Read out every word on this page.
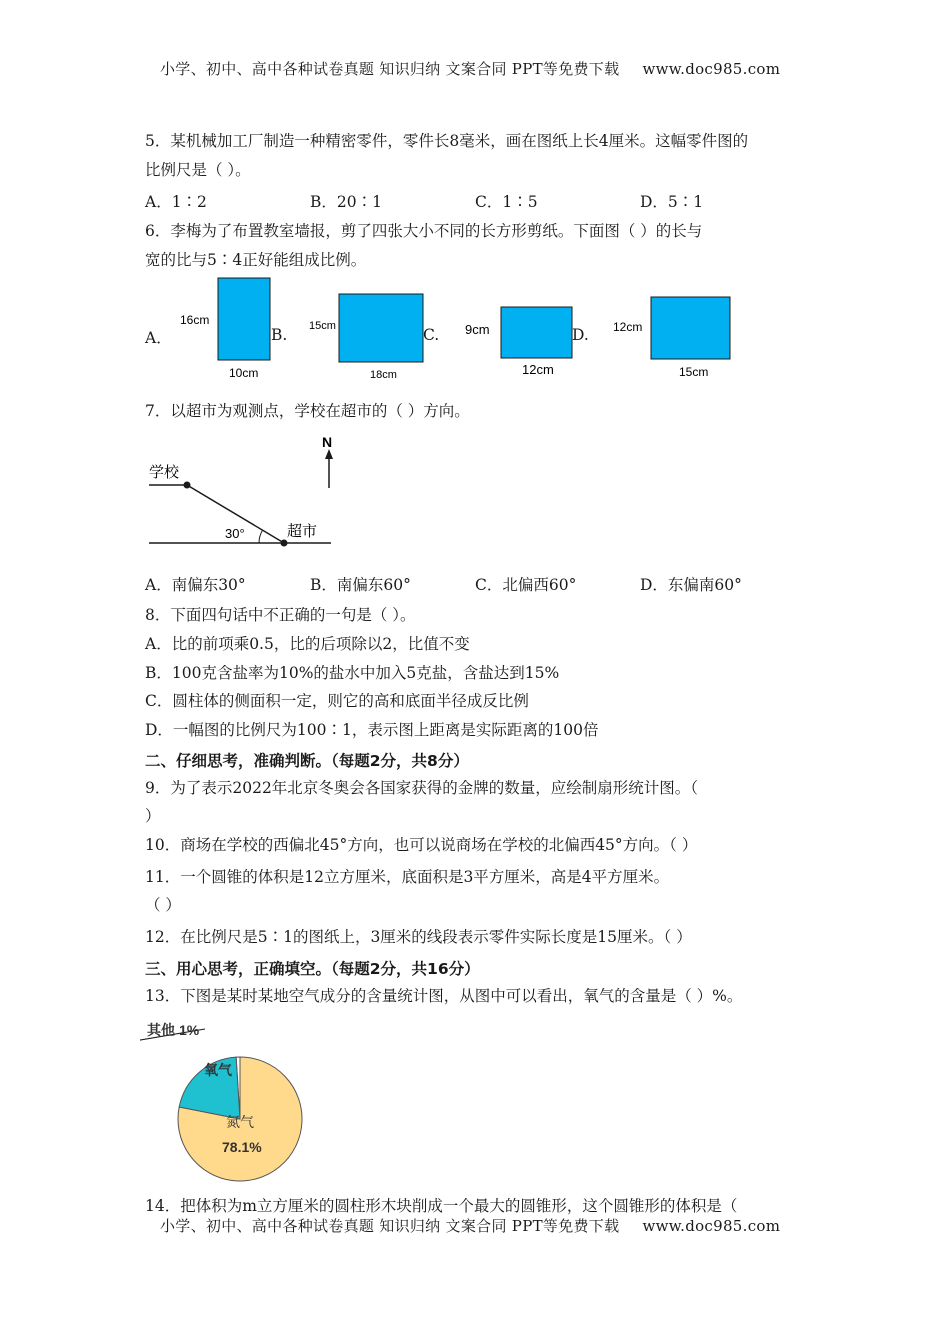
小学、初中、高中各种试卷真题 知识归纳 文案合同 PPT等免费下载 www.doc985.com
5．某机械加工厂制造一种精密零件，零件长8毫米，画在图纸上长4厘米。这幅零件图的
比例尺是（ ）。
A．1∶2	B．20∶1	C．1∶5	D．5∶1
6．李梅为了布置教室墙报，剪了四张大小不同的长方形剪纸。下面图（ ）的长与
宽的比与5∶4正好能组成比例。
A．	B.	C.	D.
16cm
10cm
15cm
18cm
9cm
12cm
12cm
15cm
7．以超市为观测点，学校在超市的（ ）方向。
N
学校
30°	超市
A．南偏东30°	B．南偏东60°	C．北偏西60°	D．东偏南60°
8．下面四句话中不正确的一句是（ ）。
A．比的前项乘0.5，比的后项除以2，比值不变
B．100克含盐率为10%的盐水中加入5克盐，含盐达到15%
C．圆柱体的侧面积一定，则它的高和底面半径成反比例
D．一幅图的比例尺为100∶1，表示图上距离是实际距离的100倍
二、仔细思考，准确判断。（每题2分，共8分）
9．为了表示2022年北京冬奥会各国家获得的金牌的数量，应绘制扇形统计图。（
）
10．商场在学校的西偏北45°方向，也可以说商场在学校的北偏西45°方向。（ ）
11．一个圆锥的体积是12立方厘米，底面积是3平方厘米，高是4平方厘米。
（ ）
12．在比例尺是5∶1的图纸上，3厘米的线段表示零件实际长度是15厘米。（ ）
三、用心思考，正确填空。（每题2分，共16分）
13．下图是某时某地空气成分的含量统计图，从图中可以看出，氧气的含量是（ ）%。
其他 1%
氧气
氮气
78.1%
14．把体积为m立方厘米的圆柱形木块削成一个最大的圆锥形，这个圆锥形的体积是（
小学、初中、高中各种试卷真题 知识归纳 文案合同 PPT等免费下载 www.doc985.com
